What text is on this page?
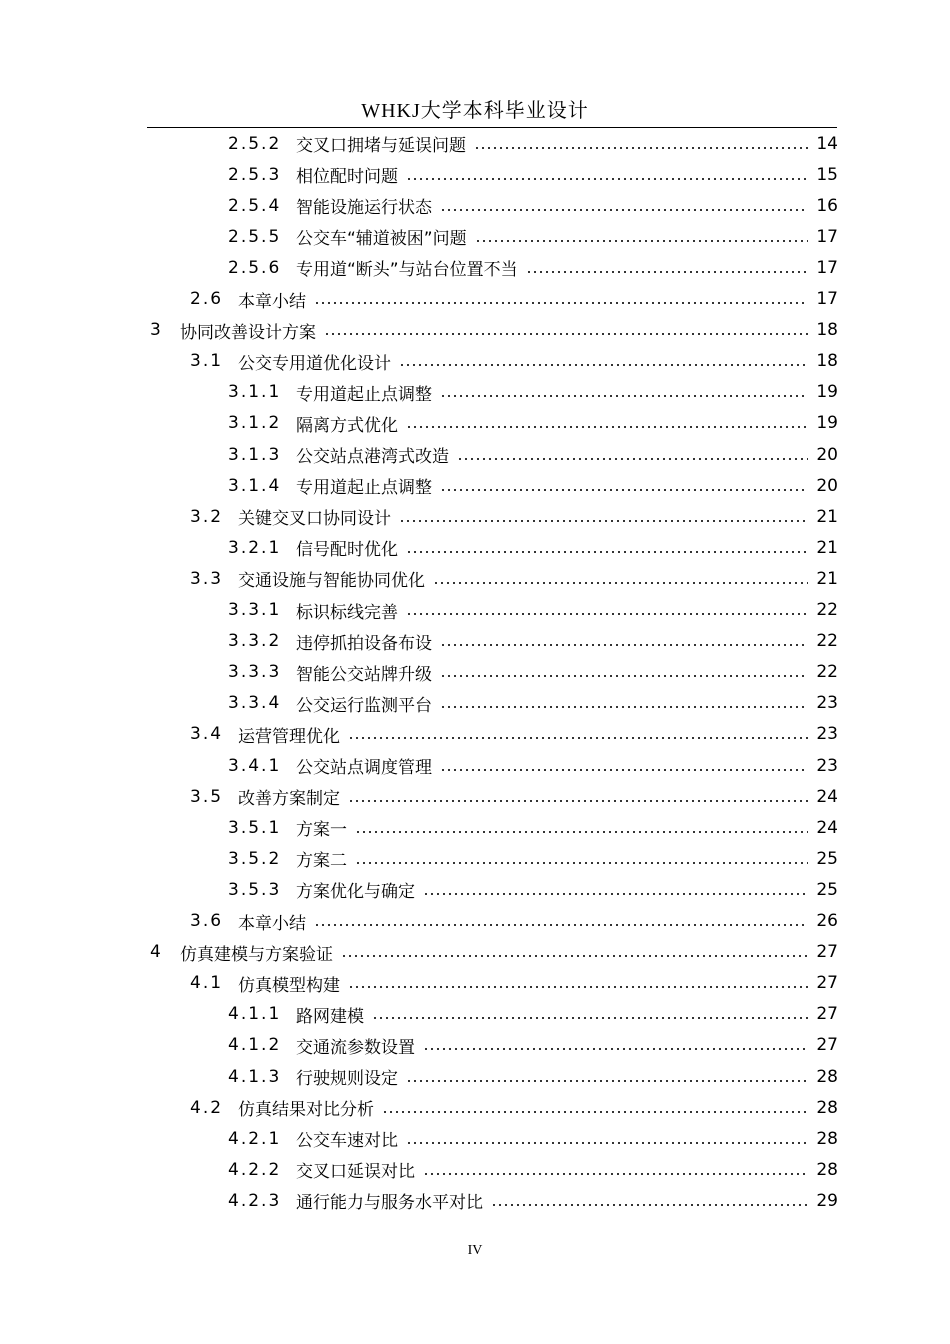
WHKJ大学本科毕业设计
2.5.2 交叉口拥堵与延误问题	14
2.5.3 相位配时问题	15
2.5.4 智能设施运行状态	16
2.5.5 公交车“辅道被困”问题	17
2.5.6 专用道“断头”与站台位置不当	17
2.6 本章小结	17
3	协同改善设计方案	18
3.1 公交专用道优化设计	18
3.1.1 专用道起止点调整	19
3.1.2 隔离方式优化	19
3.1.3 公交站点港湾式改造	20
3.1.4 专用道起止点调整	20
3.2 关键交叉口协同设计	21
3.2.1 信号配时优化	21
3.3 交通设施与智能协同优化	21
3.3.1 标识标线完善	22
3.3.2 违停抓拍设备布设	22
3.3.3 智能公交站牌升级	22
3.3.4 公交运行监测平台	23
3.4 运营管理优化	23
3.4.1 公交站点调度管理	23
3.5 改善方案制定	24
3.5.1 方案一	24
3.5.2 方案二	25
3.5.3 方案优化与确定	25
3.6 本章小结	26
4	仿真建模与方案验证	27
4.1 仿真模型构建	27
4.1.1 路网建模	27
4.1.2 交通流参数设置	27
4.1.3 行驶规则设定	28
4.2 仿真结果对比分析	28
4.2.1 公交车速对比	28
4.2.2 交叉口延误对比	28
4.2.3 通行能力与服务水平对比	29
IV
